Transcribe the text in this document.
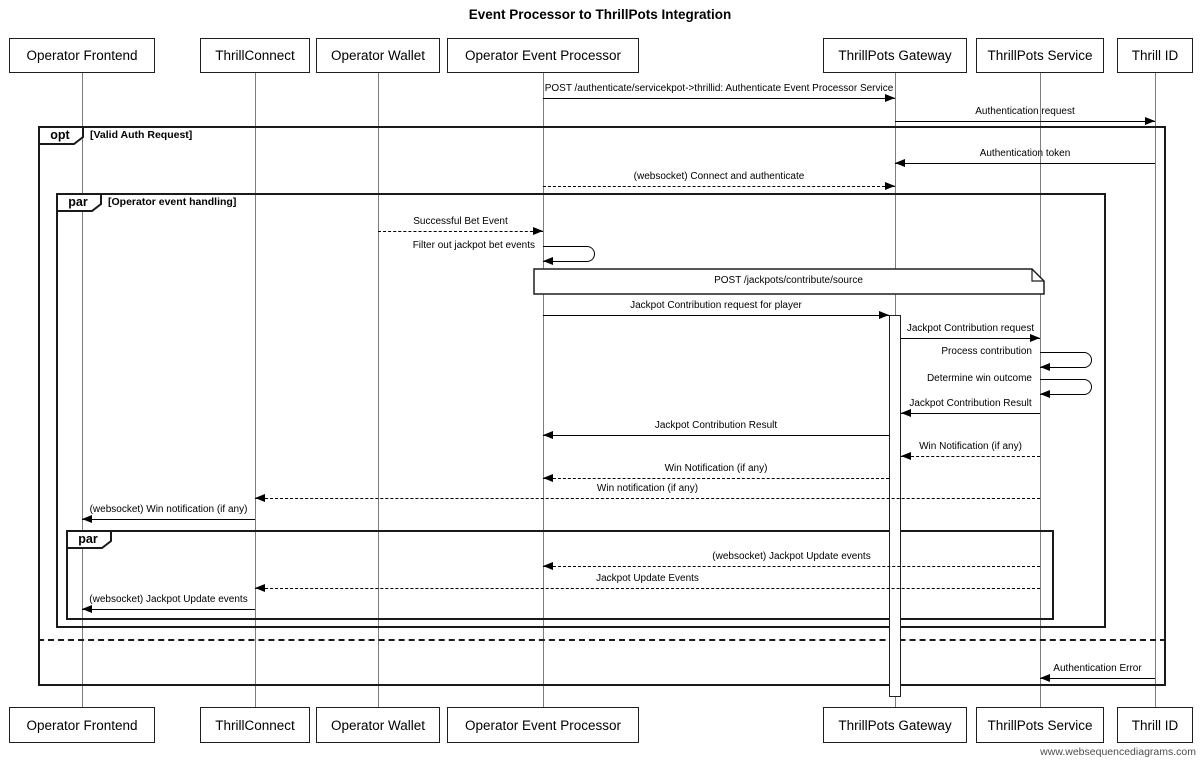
Event Processor to ThrillPots Integration
www.websequencediagrams.com
opt	[Valid Auth Request]
par	[Operator event handling]
par
POST /jackpots/contribute/source
POST /authenticate/servicekpot->thrillid: Authenticate Event Processor Service
Authentication request
Authentication token
(websocket) Connect and authenticate
Successful Bet Event
Filter out jackpot bet events
Jackpot Contribution request for player
Jackpot Contribution request
Process contribution
Determine win outcome
Jackpot Contribution Result
Jackpot Contribution Result
Win Notification (if any)
Win Notification (if any)
Win notification (if any)
(websocket) Win notification (if any)
(websocket) Jackpot Update events
Jackpot Update Events
(websocket) Jackpot Update events
Authentication Error
Operator Frontend
Operator Frontend
ThrillConnect
ThrillConnect
Operator Wallet
Operator Wallet
Operator Event Processor
Operator Event Processor
ThrillPots Gateway
ThrillPots Gateway
ThrillPots Service
ThrillPots Service
Thrill ID
Thrill ID
